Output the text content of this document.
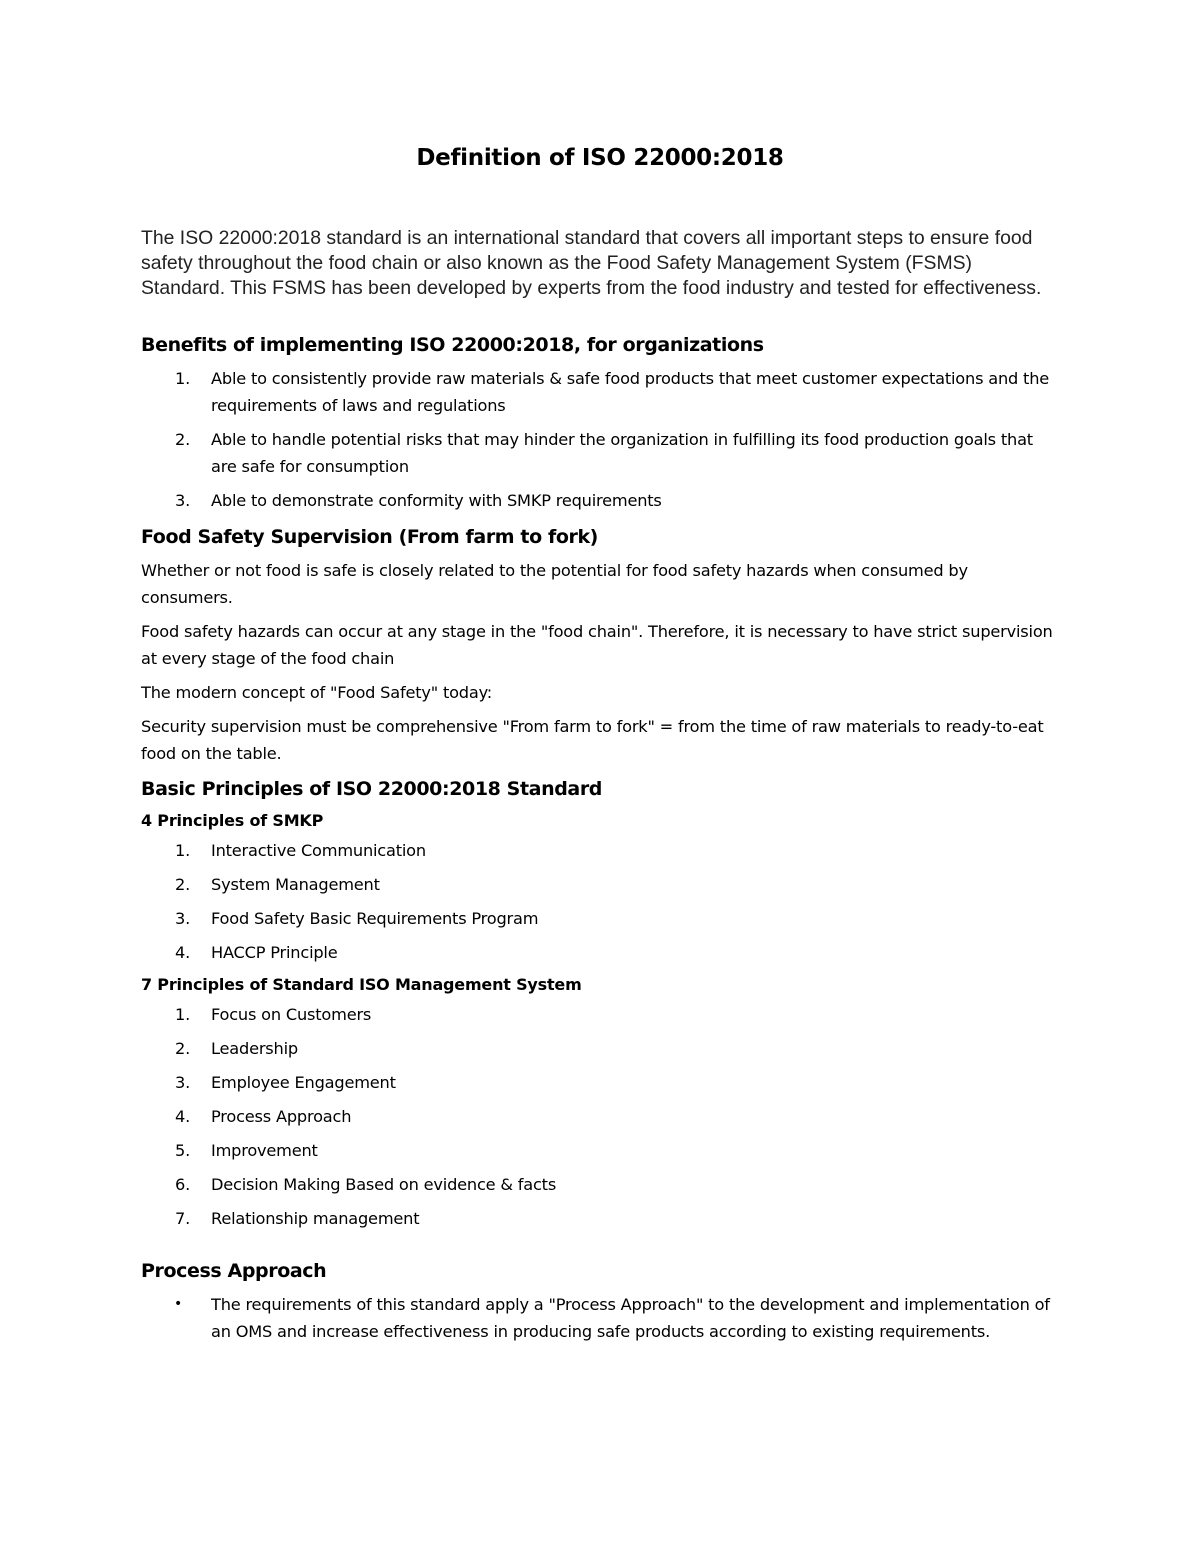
Definition of ISO 22000:2018
The ISO 22000:2018 standard is an international standard that covers all important steps to ensure food safety throughout the food chain or also known as the Food Safety Management System (FSMS) Standard. This FSMS has been developed by experts from the food industry and tested for effectiveness.
Benefits of implementing ISO 22000:2018, for organizations
1. Able to consistently provide raw materials & safe food products that meet customer expectations and the requirements of laws and regulations
2. Able to handle potential risks that may hinder the organization in fulfilling its food production goals that are safe for consumption
3. Able to demonstrate conformity with SMKP requirements
Food Safety Supervision (From farm to fork)
Whether or not food is safe is closely related to the potential for food safety hazards when consumed by consumers.
Food safety hazards can occur at any stage in the "food chain". Therefore, it is necessary to have strict supervision at every stage of the food chain
The modern concept of "Food Safety" today:
Security supervision must be comprehensive "From farm to fork" = from the time of raw materials to ready-to-eat food on the table.
Basic Principles of ISO 22000:2018 Standard
4 Principles of SMKP
1. Interactive Communication
2. System Management
3. Food Safety Basic Requirements Program
4. HACCP Principle
7 Principles of Standard ISO Management System
1. Focus on Customers
2. Leadership
3. Employee Engagement
4. Process Approach
5. Improvement
6. Decision Making Based on evidence & facts
7. Relationship management
Process Approach
• The requirements of this standard apply a "Process Approach" to the development and implementation of an OMS and increase effectiveness in producing safe products according to existing requirements.
